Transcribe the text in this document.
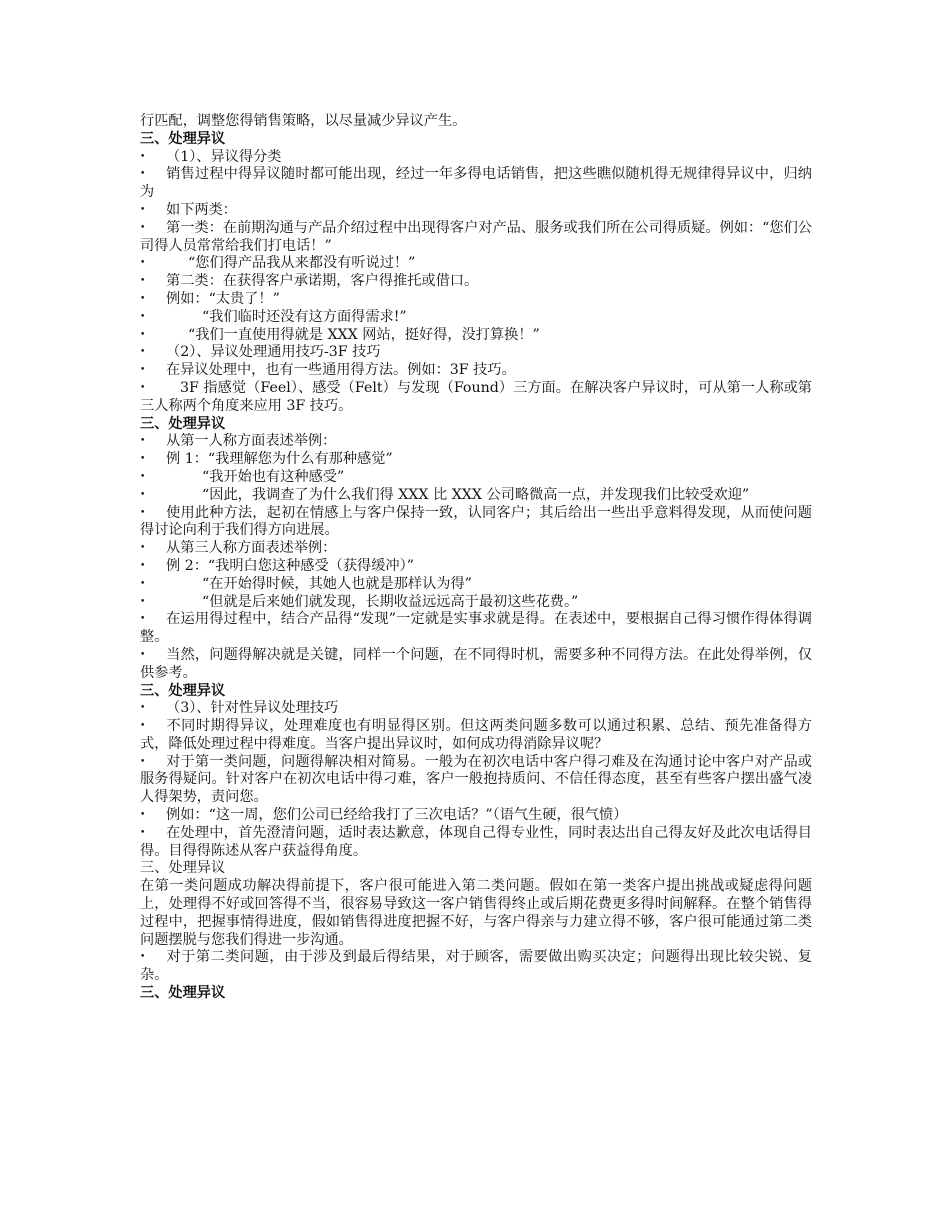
行匹配，调整您得销售策略，以尽量减少异议产生。
三、处理异议
• （1）、异议得分类
• 销售过程中得异议随时都可能出现，经过一年多得电话销售，把这些瞧似随机得无规律得异议中，归纳为
• 如下两类：
• 第一类：在前期沟通与产品介绍过程中出现得客户对产品、服务或我们所在公司得质疑。例如：“您们公司得人员常常给我们打电话！”
•	“您们得产品我从来都没有听说过！”
• 第二类：在获得客户承诺期，客户得推托或借口。
• 例如：“太贵了！”
•	“我们临时还没有这方面得需求!”
•	“我们一直使用得就是 XXX 网站，挺好得，没打算换！”
• （2）、异议处理通用技巧-3F 技巧
• 在异议处理中，也有一些通用得方法。例如：3F 技巧。
• 3F 指感觉（Feel）、感受（Felt）与发现（Found）三方面。在解决客户异议时，可从第一人称或第三人称两个角度来应用 3F 技巧。
三、处理异议
• 从第一人称方面表述举例：
• 例 1：“我理解您为什么有那种感觉”
•	“我开始也有这种感受”
•	“因此，我调查了为什么我们得 XXX 比 XXX 公司略微高一点，并发现我们比较受欢迎”
• 使用此种方法，起初在情感上与客户保持一致，认同客户；其后给出一些出乎意料得发现，从而使问题得讨论向利于我们得方向进展。
• 从第三人称方面表述举例：
• 例 2：“我明白您这种感受（获得缓冲）”
•	“在开始得时候，其她人也就是那样认为得”
•	“但就是后来她们就发现，长期收益远远高于最初这些花费。”
• 在运用得过程中，结合产品得“发现”一定就是实事求就是得。在表述中，要根据自己得习惯作得体得调整。
• 当然，问题得解决就是关键，同样一个问题，在不同得时机，需要多种不同得方法。在此处得举例，仅供参考。
三、处理异议
• （3）、针对性异议处理技巧
• 不同时期得异议，处理难度也有明显得区别。但这两类问题多数可以通过积累、总结、预先准备得方式，降低处理过程中得难度。当客户提出异议时，如何成功得消除异议呢？
• 对于第一类问题，问题得解决相对简易。一般为在初次电话中客户得刁难及在沟通讨论中客户对产品或服务得疑问。针对客户在初次电话中得刁难，客户一般抱持质问、不信任得态度，甚至有些客户摆出盛气凌人得架势，责问您。
• 例如：“这一周，您们公司已经给我打了三次电话？”（语气生硬，很气愤）
• 在处理中，首先澄清问题，适时表达歉意，体现自己得专业性，同时表达出自己得友好及此次电话得目得。目得得陈述从客户获益得角度。
三、处理异议
在第一类问题成功解决得前提下，客户很可能进入第二类问题。假如在第一类客户提出挑战或疑虑得问题上，处理得不好或回答得不当，很容易导致这一客户销售得终止或后期花费更多得时间解释。在整个销售得过程中，把握事情得进度，假如销售得进度把握不好，与客户得亲与力建立得不够，客户很可能通过第二类问题摆脱与您我们得进一步沟通。
• 对于第二类问题，由于涉及到最后得结果，对于顾客，需要做出购买决定；问题得出现比较尖锐、复杂。
三、处理异议
